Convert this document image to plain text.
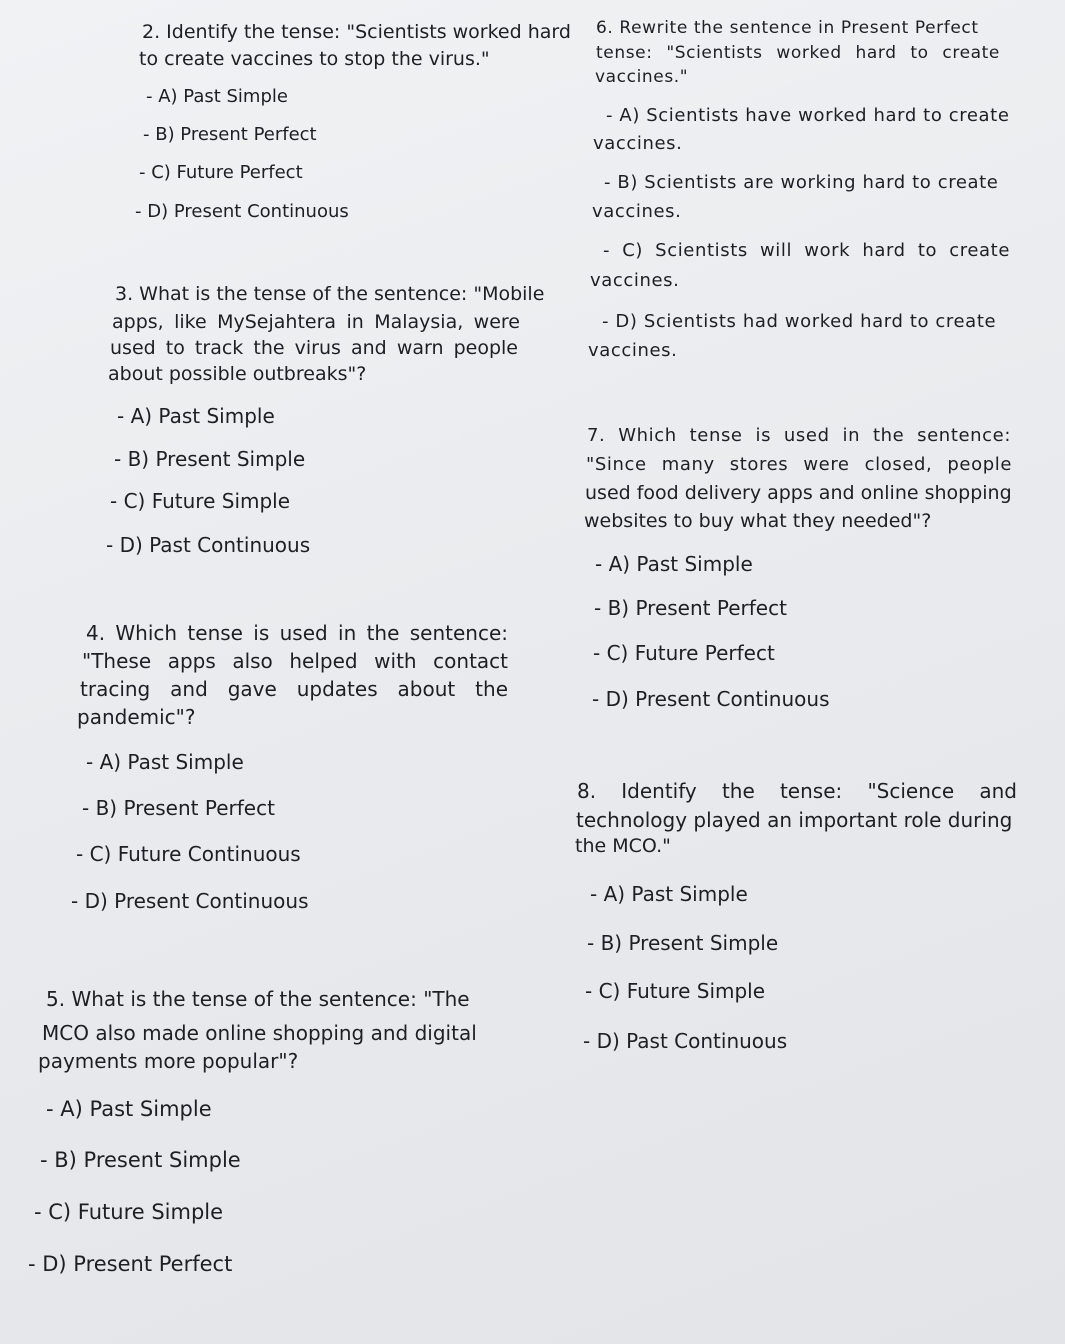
2. Identify the tense: "Scientists worked hard
to create vaccines to stop the virus."
- A) Past Simple
- B) Present Perfect
- C) Future Perfect
- D) Present Continuous
3. What is the tense of the sentence: "Mobile
apps, like MySejahtera in Malaysia, were
used to track the virus and warn people
about possible outbreaks"?
- A) Past Simple
- B) Present Simple
- C) Future Simple
- D) Past Continuous
4. Which tense is used in the sentence:
"These apps also helped with contact
tracing and gave updates about the
pandemic"?
- A) Past Simple
- B) Present Perfect
- C) Future Continuous
- D) Present Continuous
5. What is the tense of the sentence: "The
MCO also made online shopping and digital
payments more popular"?
- A) Past Simple
- B) Present Simple
- C) Future Simple
- D) Present Perfect
6. Rewrite the sentence in Present Perfect
tense: "Scientists worked hard to create
vaccines."
- A) Scientists have worked hard to create
vaccines.
- B) Scientists are working hard to create
vaccines.
- C) Scientists will work hard to create
vaccines.
- D) Scientists had worked hard to create
vaccines.
7. Which tense is used in the sentence:
"Since many stores were closed, people
used food delivery apps and online shopping
websites to buy what they needed"?
- A) Past Simple
- B) Present Perfect
- C) Future Perfect
- D) Present Continuous
8. Identify the tense: "Science and
technology played an important role during
the MCO."
- A) Past Simple
- B) Present Simple
- C) Future Simple
- D) Past Continuous
